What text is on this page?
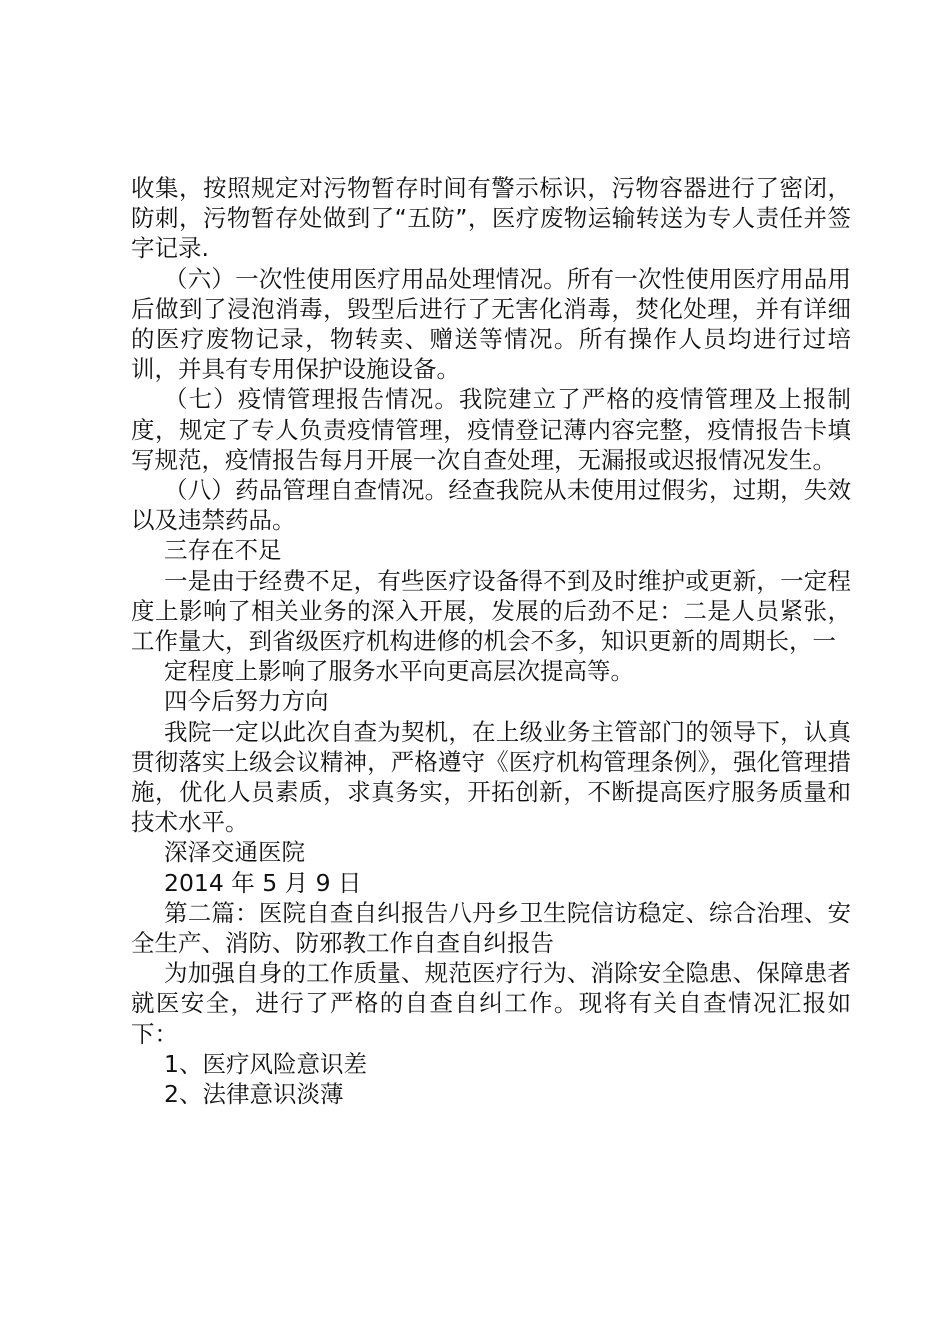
收集，按照规定对污物暂存时间有警示标识，污物容器进行了密闭，防刺，污物暂存处做到了“五防”，医疗废物运输转送为专人责任并签字记录.

（六）一次性使用医疗用品处理情况。所有一次性使用医疗用品用后做到了浸泡消毒，毁型后进行了无害化消毒，焚化处理，并有详细的医疗废物记录，物转卖、赠送等情况。所有操作人员均进行过培训，并具有专用保护设施设备。

（七）疫情管理报告情况。我院建立了严格的疫情管理及上报制度，规定了专人负责疫情管理，疫情登记薄内容完整，疫情报告卡填写规范，疫情报告每月开展一次自查处理，无漏报或迟报情况发生。

（八）药品管理自查情况。经查我院从未使用过假劣，过期，失效以及违禁药品。

三存在不足

一是由于经费不足，有些医疗设备得不到及时维护或更新，一定程度上影响了相关业务的深入开展，发展的后劲不足：二是人员紧张，工作量大，到省级医疗机构进修的机会不多，知识更新的周期长，一

定程度上影响了服务水平向更高层次提高等。

四今后努力方向

我院一定以此次自查为契机，在上级业务主管部门的领导下，认真贯彻落实上级会议精神，严格遵守《医疗机构管理条例》，强化管理措施，优化人员素质，求真务实，开拓创新，不断提高医疗服务质量和技术水平。

深泽交通医院

2014 年 5 月 9 日

第二篇：医院自查自纠报告八丹乡卫生院信访稳定、综合治理、安全生产、消防、防邪教工作自查自纠报告

为加强自身的工作质量、规范医疗行为、消除安全隐患、保障患者就医安全，进行了严格的自查自纠工作。现将有关自查情况汇报如下：

1、医疗风险意识差

2、法律意识淡薄
